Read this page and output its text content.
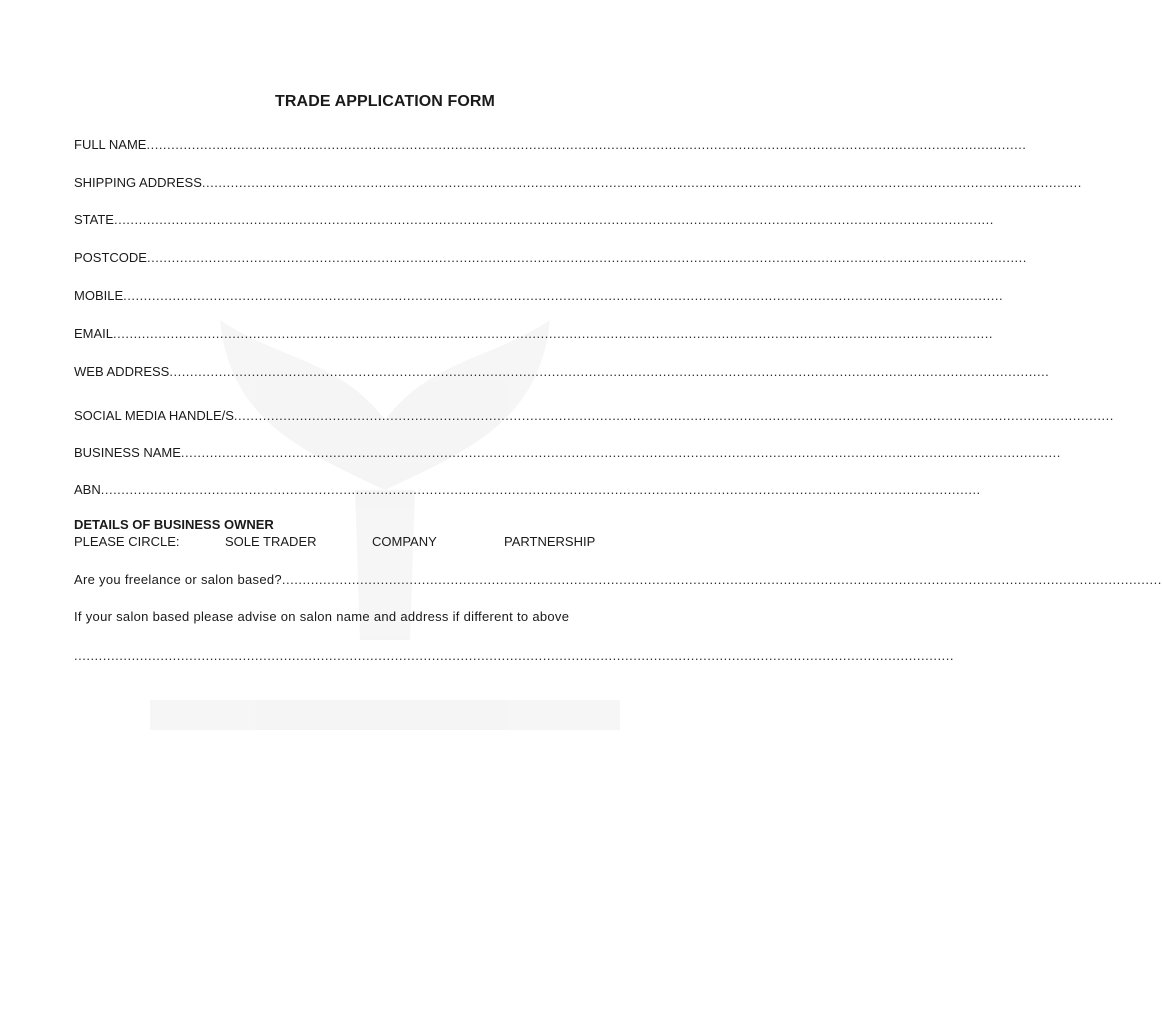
TRADE APPLICATION FORM
FULL NAME ......................................................................................................................................................................................................................
SHIPPING ADDRESS ......................................................................................................................................................................................................................
STATE ......................................................................................................................................................................................................................
POSTCODE ......................................................................................................................................................................................................................
MOBILE ......................................................................................................................................................................................................................
EMAIL ......................................................................................................................................................................................................................
WEB ADDRESS ......................................................................................................................................................................................................................
SOCIAL MEDIA HANDLE/S ......................................................................................................................................................................................................................
BUSINESS NAME ......................................................................................................................................................................................................................
ABN ......................................................................................................................................................................................................................
DETAILS OF BUSINESS OWNER
PLEASE CIRCLE:	SOLE TRADER	COMPANY	PARTNERSHIP
Are you freelance or salon based? ......................................................................................................................................................................................................................
If your salon based please advise on salon name and address if different to above
......................................................................................................................................................................................................................
